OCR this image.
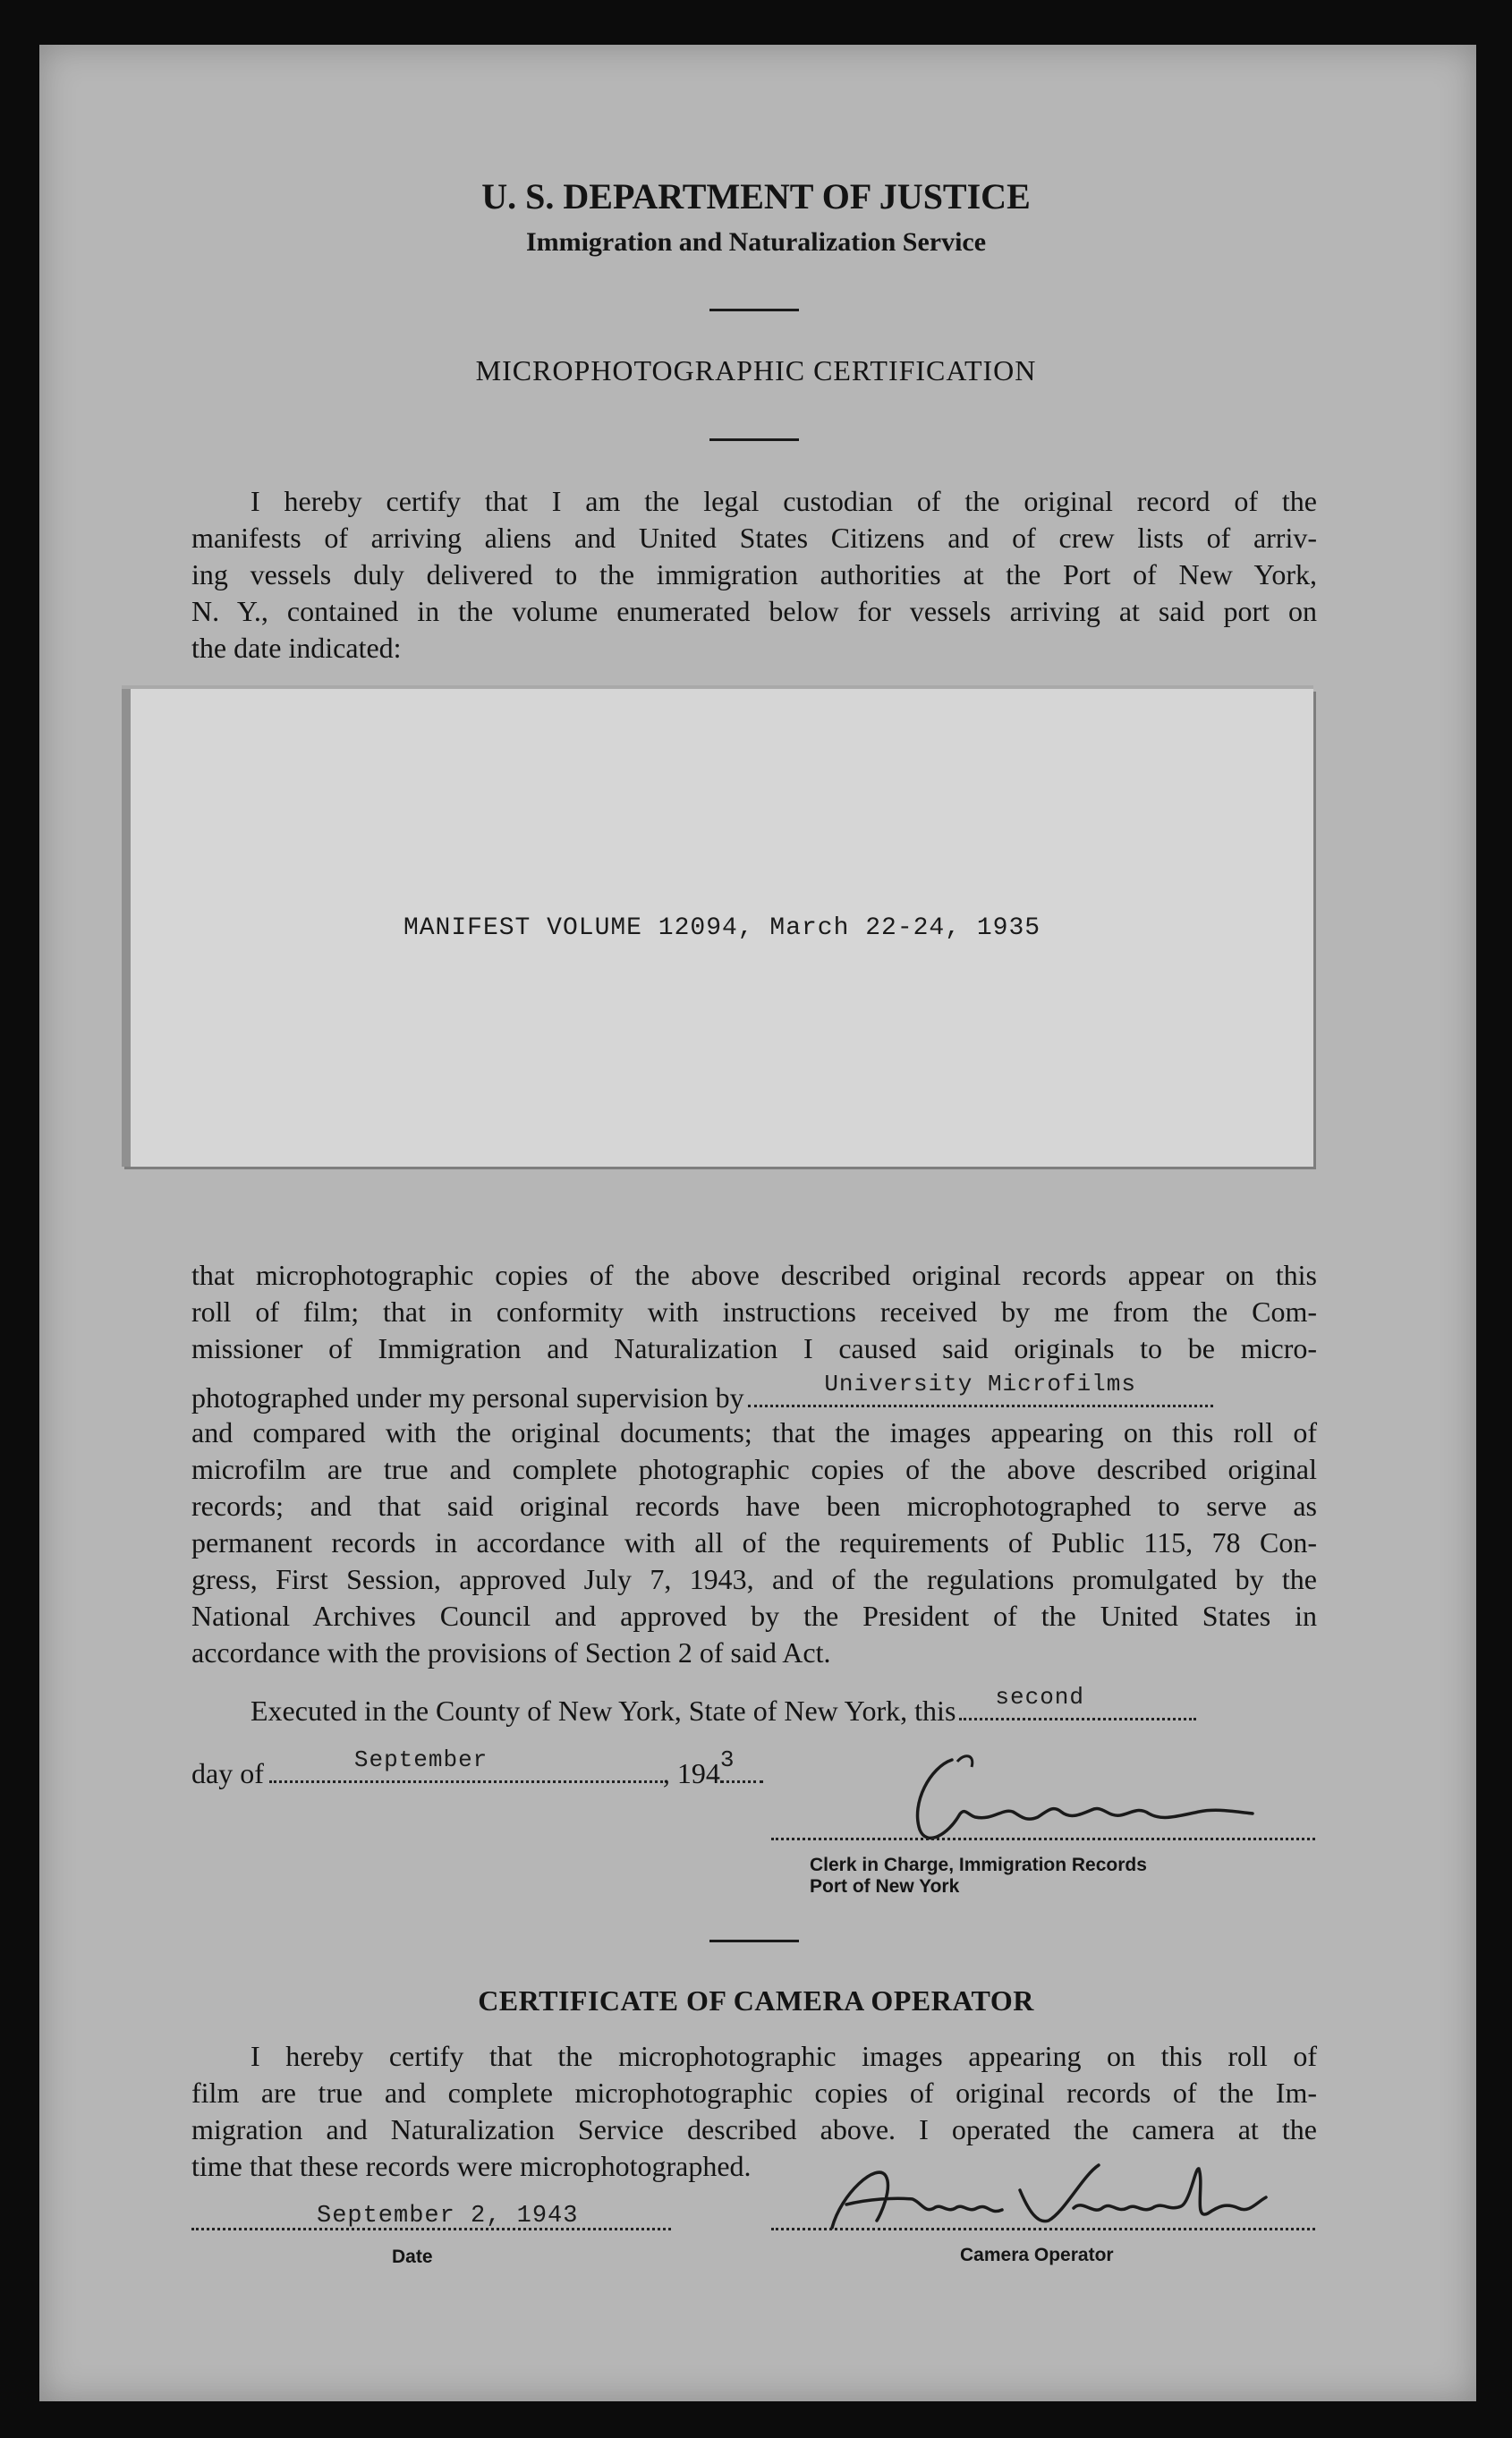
U. S. DEPARTMENT OF JUSTICE
Immigration and Naturalization Service
MICROPHOTOGRAPHIC CERTIFICATION
I hereby certify that I am the legal custodian of the original record of the
manifests of arriving aliens and United States Citizens and of crew lists of arriv-
ing vessels duly delivered to the immigration authorities at the Port of New York,
N. Y., contained in the volume enumerated below for vessels arriving at said port on
the date indicated:
MANIFEST VOLUME 12094, March 22-24, 1935
that microphotographic copies of the above described original records appear on this
roll of film; that in conformity with instructions received by me from the Com-
missioner of Immigration and Naturalization I caused said originals to be micro-
photographed under my personal supervision by	University Microfilms
and compared with the original documents; that the images appearing on this roll of
microfilm are true and complete photographic copies of the above described original
records; and that said original records have been microphotographed to serve as
permanent records in accordance with all of the requirements of Public 115, 78 Con-
gress, First Session, approved July 7, 1943, and of the regulations promulgated by the
National Archives Council and approved by the President of the United States in
accordance with the provisions of Section 2 of said Act.
Executed in the County of New York, State of New York, this second
day of	September	, 194 3
Clerk in Charge, Immigration Records
Port of New York
CERTIFICATE OF CAMERA OPERATOR
I hereby certify that the microphotographic images appearing on this roll of
film are true and complete microphotographic copies of original records of the Im-
migration and Naturalization Service described above. I operated the camera at the
time that these records were microphotographed.
September 2, 1943
Date	Camera Operator
